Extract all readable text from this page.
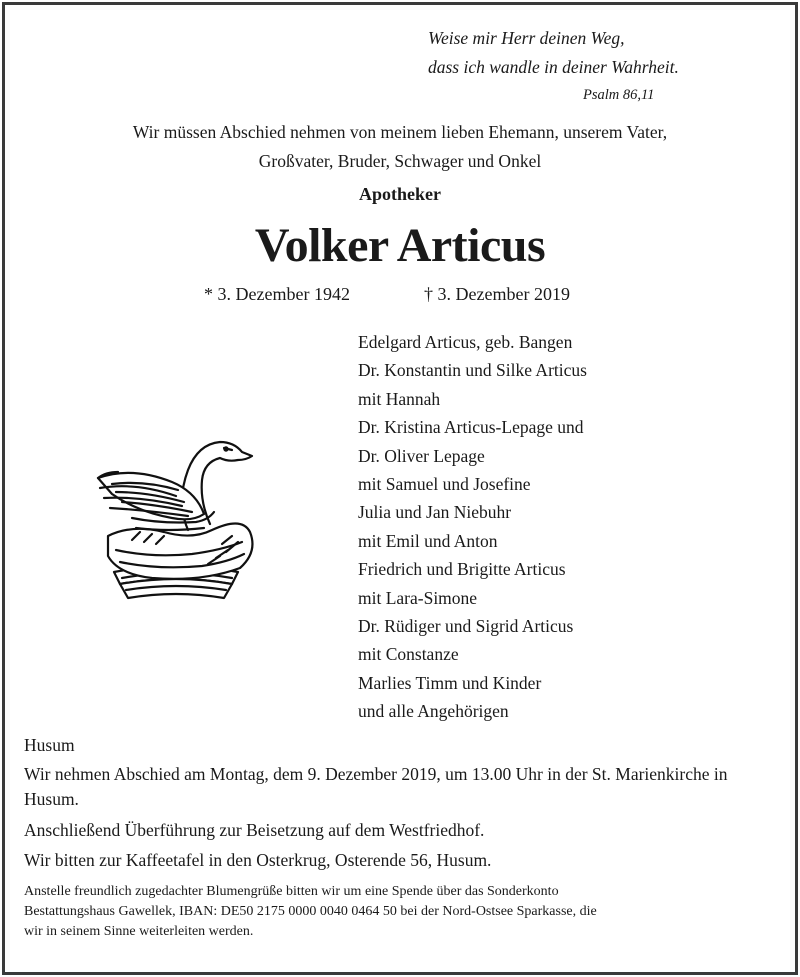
Weise mir Herr deinen Weg,
dass ich wandle in deiner Wahrheit.
Psalm 86,11
Wir müssen Abschied nehmen von meinem lieben Ehemann, unserem Vater,
Großvater, Bruder, Schwager und Onkel
Apotheker
Volker Articus
* 3. Dezember 1942	† 3. Dezember 2019
Edelgard Articus, geb. Bangen
Dr. Konstantin und Silke Articus
mit Hannah
Dr. Kristina Articus-Lepage und
Dr. Oliver Lepage
mit Samuel und Josefine
Julia und Jan Niebuhr
mit Emil und Anton
Friedrich und Brigitte Articus
mit Lara-Simone
Dr. Rüdiger und Sigrid Articus
mit Constanze
Marlies Timm und Kinder
und alle Angehörigen
Husum
Wir nehmen Abschied am Montag, dem 9. Dezember 2019, um 13.00 Uhr in der St. Marienkirche in Husum.
Anschließend Überführung zur Beisetzung auf dem Westfriedhof.
Wir bitten zur Kaffeetafel in den Osterkrug, Osterende 56, Husum.
Anstelle freundlich zugedachter Blumengrüße bitten wir um eine Spende über das Sonderkonto
Bestattungshaus Gawellek, IBAN: DE50 2175 0000 0040 0464 50 bei der Nord-Ostsee Sparkasse, die
wir in seinem Sinne weiterleiten werden.
